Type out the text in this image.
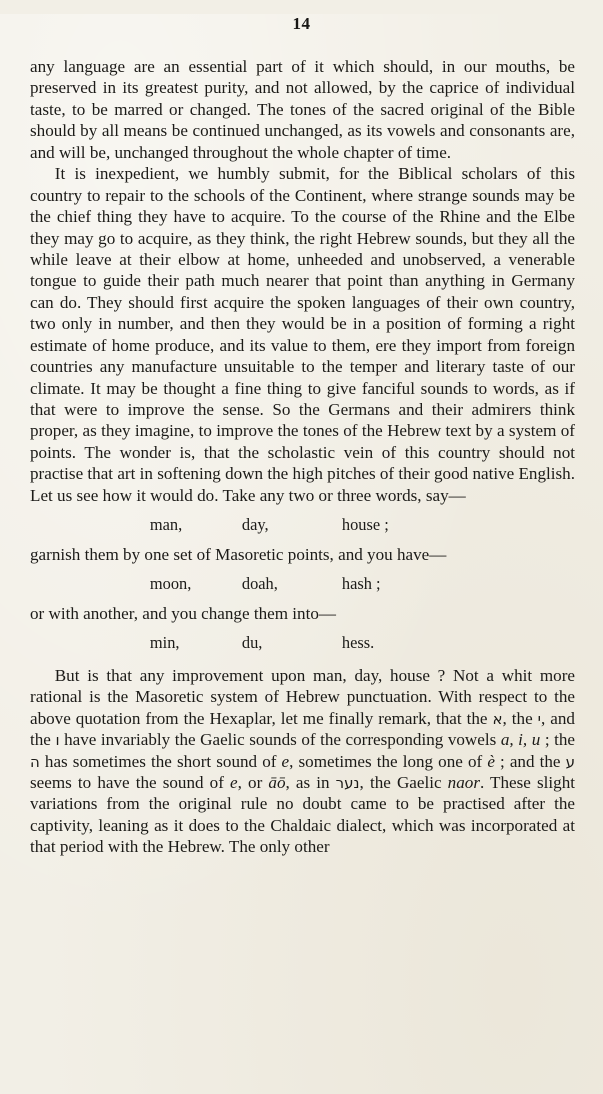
14

any language are an essential part of it which should, in our mouths, be preserved in its greatest purity, and not allowed, by the caprice of individual taste, to be marred or changed. The tones of the sacred original of the Bible should by all means be continued unchanged, as its vowels and consonants are, and will be, unchanged throughout the whole chapter of time.

It is inexpedient, we humbly submit, for the Biblical scholars of this country to repair to the schools of the Continent, where strange sounds may be the chief thing they have to acquire. To the course of the Rhine and the Elbe they may go to acquire, as they think, the right Hebrew sounds, but they all the while leave at their elbow at home, unheeded and unobserved, a venerable tongue to guide their path much nearer that point than anything in Germany can do. They should first acquire the spoken languages of their own country, two only in number, and then they would be in a position of forming a right estimate of home produce, and its value to them, ere they import from foreign countries any manufacture unsuitable to the temper and literary taste of our climate. It may be thought a fine thing to give fanciful sounds to words, as if that were to improve the sense. So the Germans and their admirers think proper, as they imagine, to improve the tones of the Hebrew text by a system of points. The wonder is, that the scholastic vein of this country should not practise that art in softening down the high pitches of their good native English. Let us see how it would do. Take any two or three words, say—

man,	day,	house ;

garnish them by one set of Masoretic points, and you have—

moon,	doah,	hash ;

or with another, and you change them into—

min,	du,	hess.

But is that any improvement upon man, day, house ? Not a whit more rational is the Masoretic system of Hebrew punctuation. With respect to the above quotation from the Hexaplar, let me finally remark, that the א, the י, and the ו have invariably the Gaelic sounds of the corresponding vowels a, i, u ; the ה has sometimes the short sound of e, sometimes the long one of è ; and the ע seems to have the sound of e, or āō, as in נער, the Gaelic naor. These slight variations from the original rule no doubt came to be practised after the captivity, leaning as it does to the Chaldaic dialect, which was incorporated at that period with the Hebrew. The only other
